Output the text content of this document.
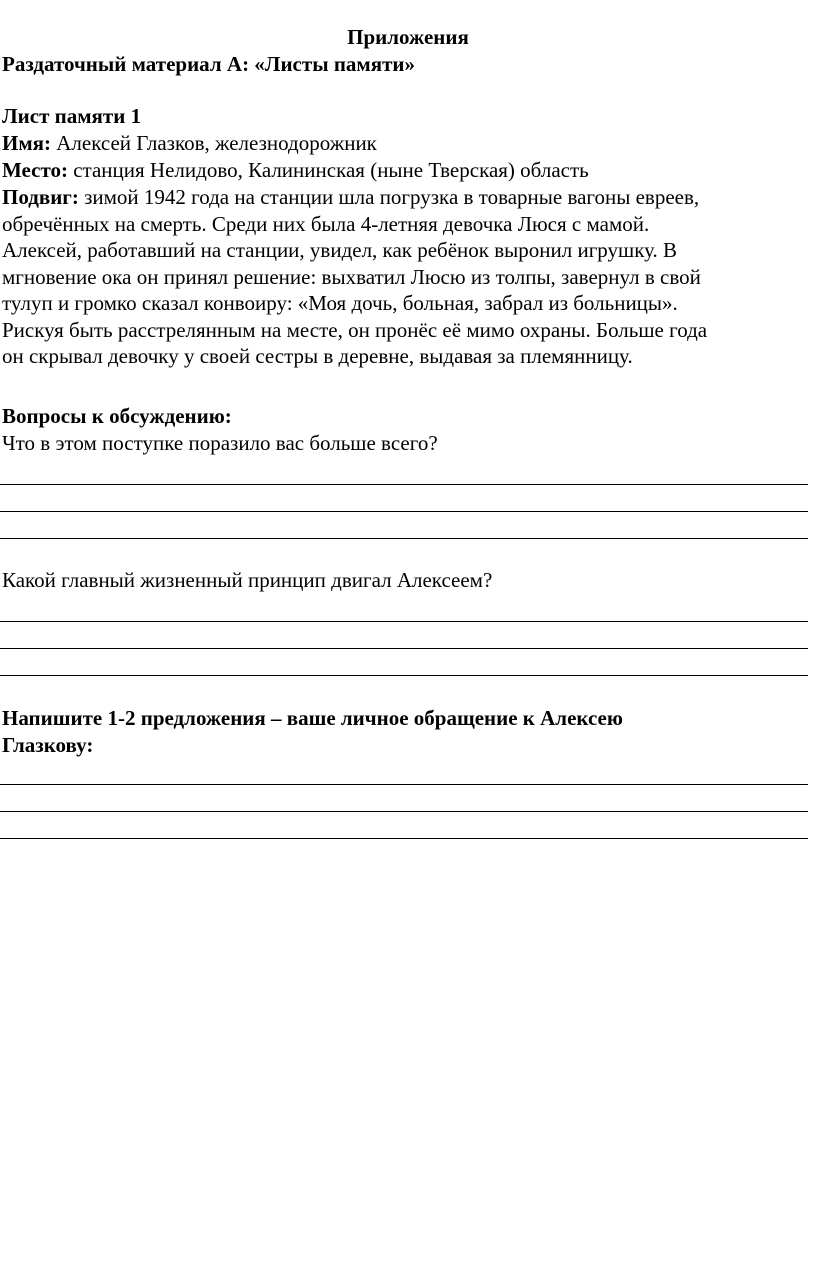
Приложения
Раздаточный материал А: «Листы памяти»
Лист памяти 1
Имя: Алексей Глазков, железнодорожник
Место: станция Нелидово, Калининская (ныне Тверская) область
Подвиг: зимой 1942 года на станции шла погрузка в товарные вагоны евреев,
обречённых на смерть. Среди них была 4-летняя девочка Люся с мамой.
Алексей, работавший на станции, увидел, как ребёнок выронил игрушку. В
мгновение ока он принял решение: выхватил Люсю из толпы, завернул в свой
тулуп и громко сказал конвоиру: «Моя дочь, больная, забрал из больницы».
Рискуя быть расстрелянным на месте, он пронёс её мимо охраны. Больше года
он скрывал девочку у своей сестры в деревне, выдавая за племянницу.
Вопросы к обсуждению:
Что в этом поступке поразило вас больше всего?
Какой главный жизненный принцип двигал Алексеем?
Напишите 1-2 предложения – ваше личное обращение к Алексею
Глазкову:
